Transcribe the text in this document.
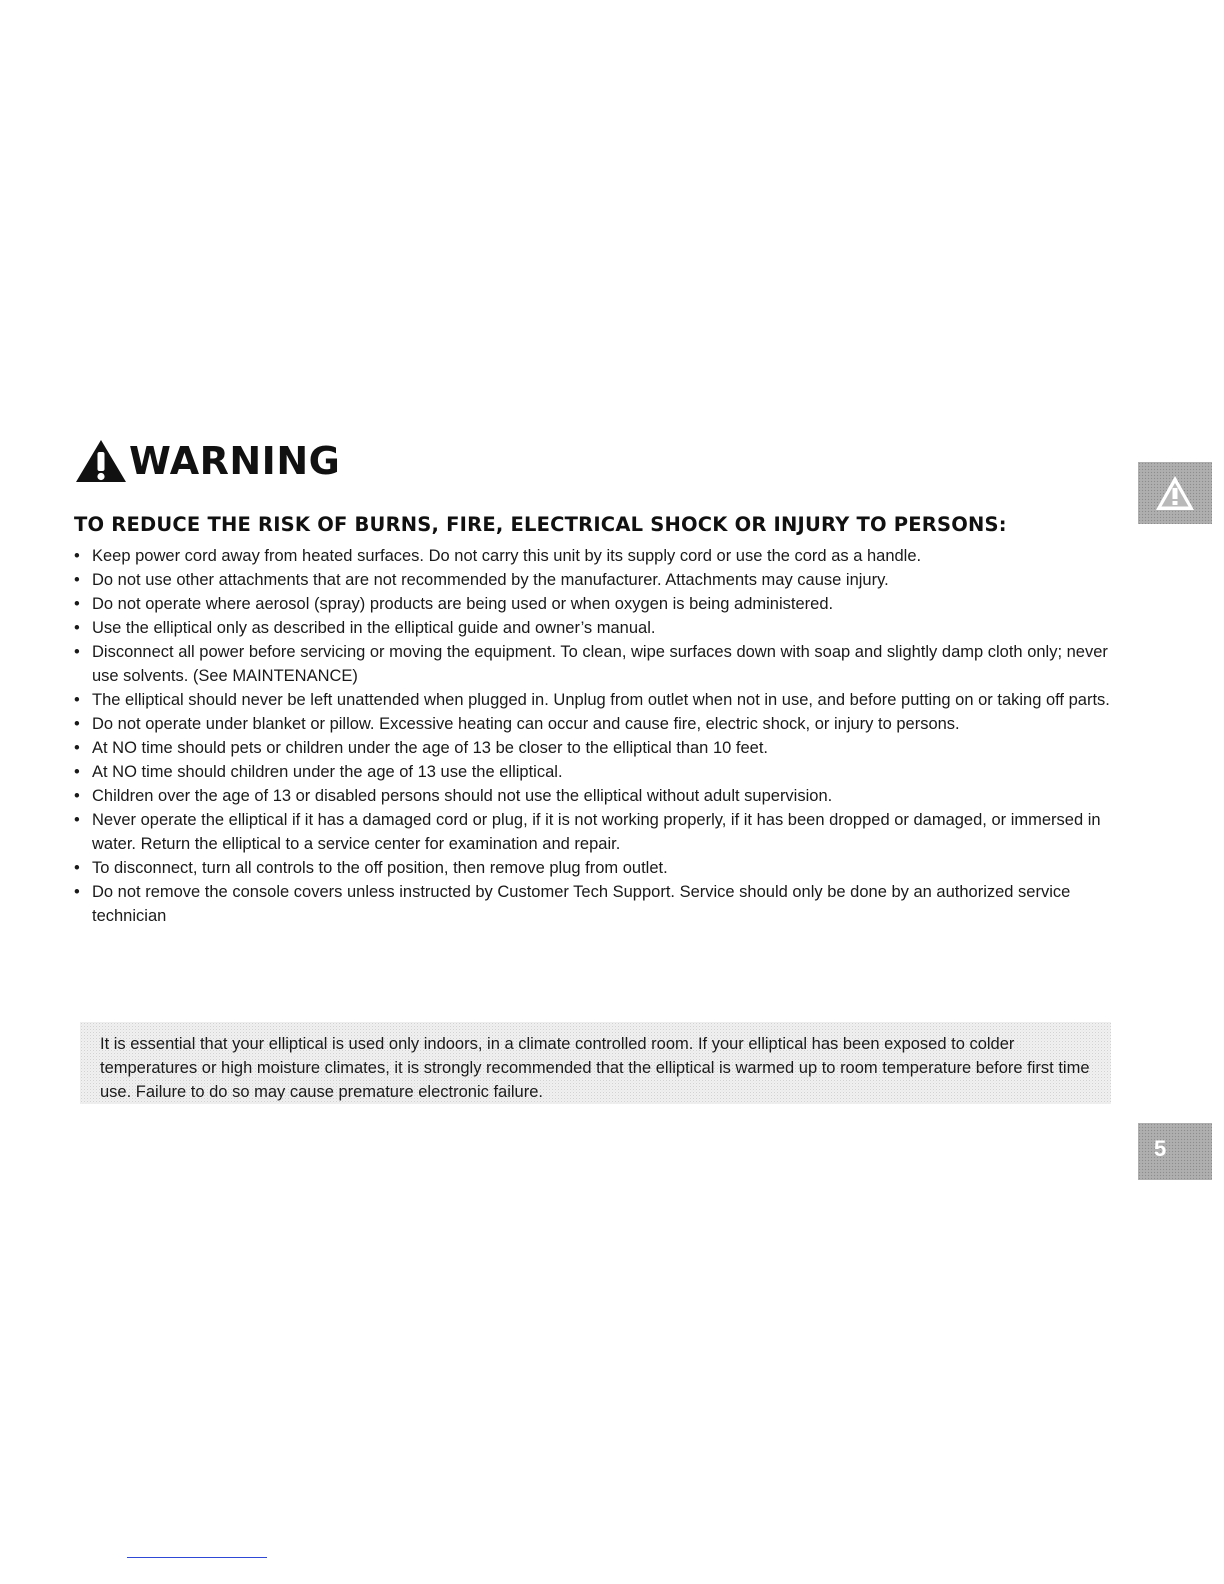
WARNING
TO REDUCE THE RISK OF BURNS, FIRE, ELECTRICAL SHOCK OR INJURY TO PERSONS:
• Keep power cord away from heated surfaces. Do not carry this unit by its supply cord or use the cord as a handle.
• Do not use other attachments that are not recommended by the manufacturer. Attachments may cause injury.
• Do not operate where aerosol (spray) products are being used or when oxygen is being administered.
• Use the elliptical only as described in the elliptical guide and owner’s manual.
• Disconnect all power before servicing or moving the equipment. To clean, wipe surfaces down with soap and slightly damp cloth only; never use solvents. (See MAINTENANCE)
• The elliptical should never be left unattended when plugged in. Unplug from outlet when not in use, and before putting on or taking off parts.
• Do not operate under blanket or pillow. Excessive heating can occur and cause fire, electric shock, or injury to persons.
• At NO time should pets or children under the age of 13 be closer to the elliptical than 10 feet.
• At NO time should children under the age of 13 use the elliptical.
• Children over the age of 13 or disabled persons should not use the elliptical without adult supervision.
• Never operate the elliptical if it has a damaged cord or plug, if it is not working properly, if it has been dropped or damaged, or immersed in water. Return the elliptical to a service center for examination and repair.
• To disconnect, turn all controls to the off position, then remove plug from outlet.
• Do not remove the console covers unless instructed by Customer Tech Support. Service should only be done by an authorized service technician

It is essential that your elliptical is used only indoors, in a climate controlled room. If your elliptical has been exposed to colder temperatures or high moisture climates, it is strongly recommended that the elliptical is warmed up to room temperature before first time use. Failure to do so may cause premature electronic failure.

5
